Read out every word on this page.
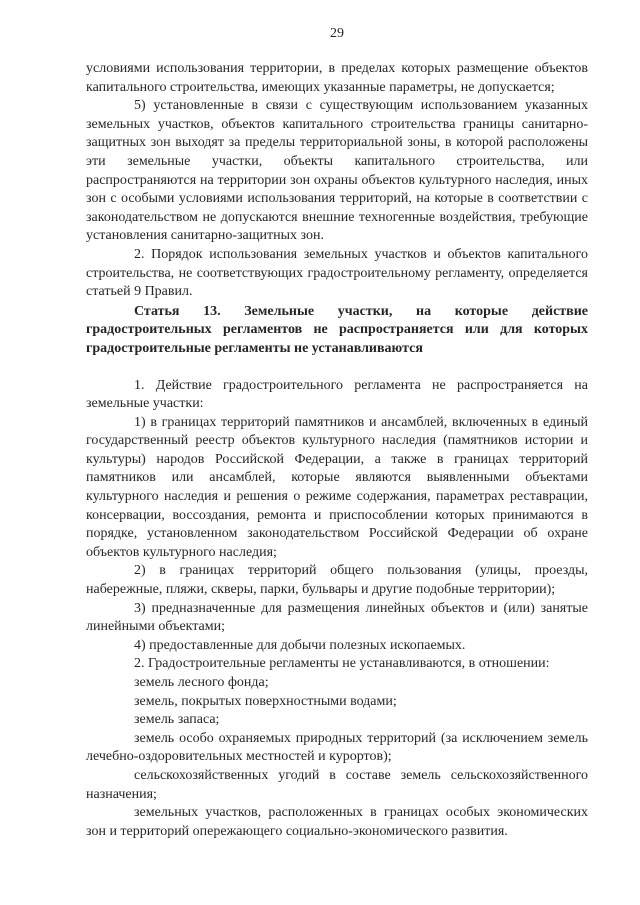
29

условиями использования территории, в пределах которых размещение объектов капитального строительства, имеющих указанные параметры, не допускается;

5) установленные в связи с существующим использованием указанных земельных участков, объектов капитального строительства границы санитарно-защитных зон выходят за пределы территориальной зоны, в которой расположены эти земельные участки, объекты капитального строительства, или распространяются на территории зон охраны объектов культурного наследия, иных зон с особыми условиями использования территорий, на которые в соответствии с законодательством не допускаются внешние техногенные воздействия, требующие установления санитарно-защитных зон.

2. Порядок использования земельных участков и объектов капитального строительства, не соответствующих градостроительному регламенту, определяется статьей 9 Правил.

Статья 13. Земельные участки, на которые действие градостроительных регламентов не распространяется или для которых градостроительные регламенты не устанавливаются

1. Действие градостроительного регламента не распространяется на земельные участки:

1) в границах территорий памятников и ансамблей, включенных в единый государственный реестр объектов культурного наследия (памятников истории и культуры) народов Российской Федерации, а также в границах территорий памятников или ансамблей, которые являются выявленными объектами культурного наследия и решения о режиме содержания, параметрах реставрации, консервации, воссоздания, ремонта и приспособлении которых принимаются в порядке, установленном законодательством Российской Федерации об охране объектов культурного наследия;

2) в границах территорий общего пользования (улицы, проезды, набережные, пляжи, скверы, парки, бульвары и другие подобные территории);

3) предназначенные для размещения линейных объектов и (или) занятые линейными объектами;

4) предоставленные для добычи полезных ископаемых.

2. Градостроительные регламенты не устанавливаются, в отношении:

земель лесного фонда;

земель, покрытых поверхностными водами;

земель запаса;

земель особо охраняемых природных территорий (за исключением земель лечебно-оздоровительных местностей и курортов);

сельскохозяйственных угодий в составе земель сельскохозяйственного назначения;

земельных участков, расположенных в границах особых экономических зон и территорий опережающего социально-экономического развития.
